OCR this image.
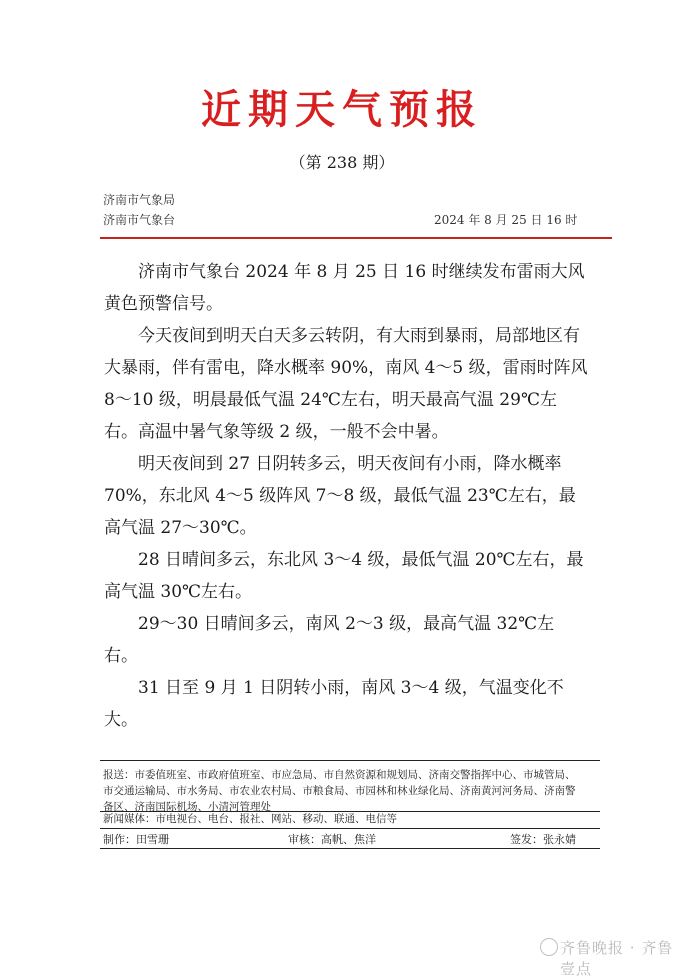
近期天气预报
（第 238 期）
济南市气象局
济南市气象台	2024 年 8 月 25 日 16 时

济南市气象台 2024 年 8 月 25 日 16 时继续发布雷雨大风黄色预警信号。

今天夜间到明天白天多云转阴，有大雨到暴雨，局部地区有大暴雨，伴有雷电，降水概率 90%，南风 4～5 级，雷雨时阵风 8～10 级，明晨最低气温 24℃左右，明天最高气温 29℃左右。高温中暑气象等级 2 级，一般不会中暑。

明天夜间到 27 日阴转多云，明天夜间有小雨，降水概率 70%，东北风 4～5 级阵风 7～8 级，最低气温 23℃左右，最高气温 27～30℃。

28 日晴间多云，东北风 3～4 级，最低气温 20℃左右，最高气温 30℃左右。

29～30 日晴间多云，南风 2～3 级，最高气温 32℃左右。

31 日至 9 月 1 日阴转小雨，南风 3～4 级，气温变化不大。

报送：市委值班室、市政府值班室、市应急局、市自然资源和规划局、济南交警指挥中心、市城管局、市交通运输局、市水务局、市农业农村局、市粮食局、市园林和林业绿化局、济南黄河河务局、济南警备区、济南国际机场、小清河管理处
新闻媒体：市电视台、电台、报社、网站、移动、联通、电信等
制作：田雪珊	审核：高帆、焦洋	签发：张永婧
齐鲁晚报 · 齐鲁壹点
